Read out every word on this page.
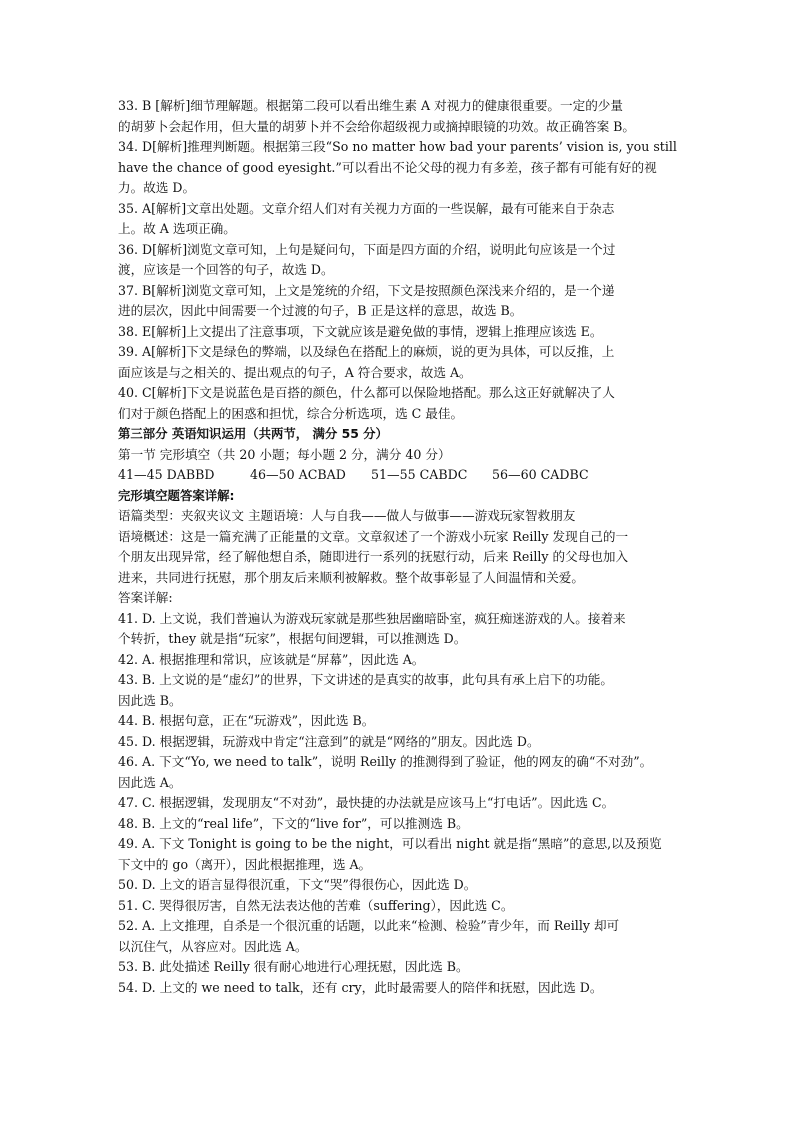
33. B [解析]细节理解题。根据第二段可以看出维生素 A 对视力的健康很重要。一定的少量
的胡萝卜会起作用，但大量的胡萝卜并不会给你超级视力或摘掉眼镜的功效。故正确答案 B。
34. D[解析]推理判断题。根据第三段“So no matter how bad your parents’ vision is, you still
have the chance of good eyesight.”可以看出不论父母的视力有多差，孩子都有可能有好的视
力。故选 D。
35. A[解析]文章出处题。文章介绍人们对有关视力方面的一些误解，最有可能来自于杂志
上。故 A 选项正确。
36. D[解析]浏览文章可知，上句是疑问句，下面是四方面的介绍，说明此句应该是一个过
渡，应该是一个回答的句子，故选 D。
37. B[解析]浏览文章可知，上文是笼统的介绍，下文是按照颜色深浅来介绍的，是一个递
进的层次，因此中间需要一个过渡的句子，B 正是这样的意思，故选 B。
38. E[解析]上文提出了注意事项，下文就应该是避免做的事情，逻辑上推理应该选 E。
39. A[解析]下文是绿色的弊端，以及绿色在搭配上的麻烦，说的更为具体，可以反推，上
面应该是与之相关的、提出观点的句子，A 符合要求，故选 A。
40. C[解析]下文是说蓝色是百搭的颜色，什么都可以保险地搭配。那么这正好就解决了人
们对于颜色搭配上的困惑和担忧，综合分析选项，选 C 最佳。
第三部分 英语知识运用（共两节， 满分 55 分）
第一节 完形填空（共 20 小题；每小题 2 分，满分 40 分）
41—45 DABBD	46—50 ACBAD	51—55 CABDC	56—60 CADBC
完形填空题答案详解:
语篇类型：夹叙夹议文 主题语境：人与自我——做人与做事——游戏玩家智救朋友
语境概述：这是一篇充满了正能量的文章。文章叙述了一个游戏小玩家 Reilly 发现自己的一
个朋友出现异常，经了解他想自杀，随即进行一系列的抚慰行动，后来 Reilly 的父母也加入
进来，共同进行抚慰，那个朋友后来顺利被解救。整个故事彰显了人间温情和关爱。
答案详解:
41. D. 上文说，我们普遍认为游戏玩家就是那些独居幽暗卧室，疯狂痴迷游戏的人。接着来
个转折，they 就是指“玩家”，根据句间逻辑，可以推测选 D。
42. A. 根据推理和常识，应该就是“屏幕”，因此选 A。
43. B. 上文说的是“虚幻”的世界，下文讲述的是真实的故事，此句具有承上启下的功能。
因此选 B。
44. B. 根据句意，正在“玩游戏”，因此选 B。
45. D. 根据逻辑，玩游戏中肯定“注意到”的就是“网络的”朋友。因此选 D。
46. A. 下文“Yo, we need to talk”，说明 Reilly 的推测得到了验证，他的网友的确“不对劲”。
因此选 A。
47. C. 根据逻辑，发现朋友“不对劲”，最快捷的办法就是应该马上“打电话”。因此选 C。
48. B. 上文的“real life”，下文的“live for”，可以推测选 B。
49. A. 下文 Tonight is going to be the night，可以看出 night 就是指“黑暗”的意思,以及预览
下文中的 go（离开），因此根据推理，选 A。
50. D. 上文的语言显得很沉重，下文“哭”得很伤心，因此选 D。
51. C. 哭得很厉害，自然无法表达他的苦难（suffering），因此选 C。
52. A. 上文推理，自杀是一个很沉重的话题，以此来“检测、检验”青少年，而 Reilly 却可
以沉住气，从容应对。因此选 A。
53. B. 此处描述 Reilly 很有耐心地进行心理抚慰，因此选 B。
54. D. 上文的 we need to talk，还有 cry，此时最需要人的陪伴和抚慰，因此选 D。
